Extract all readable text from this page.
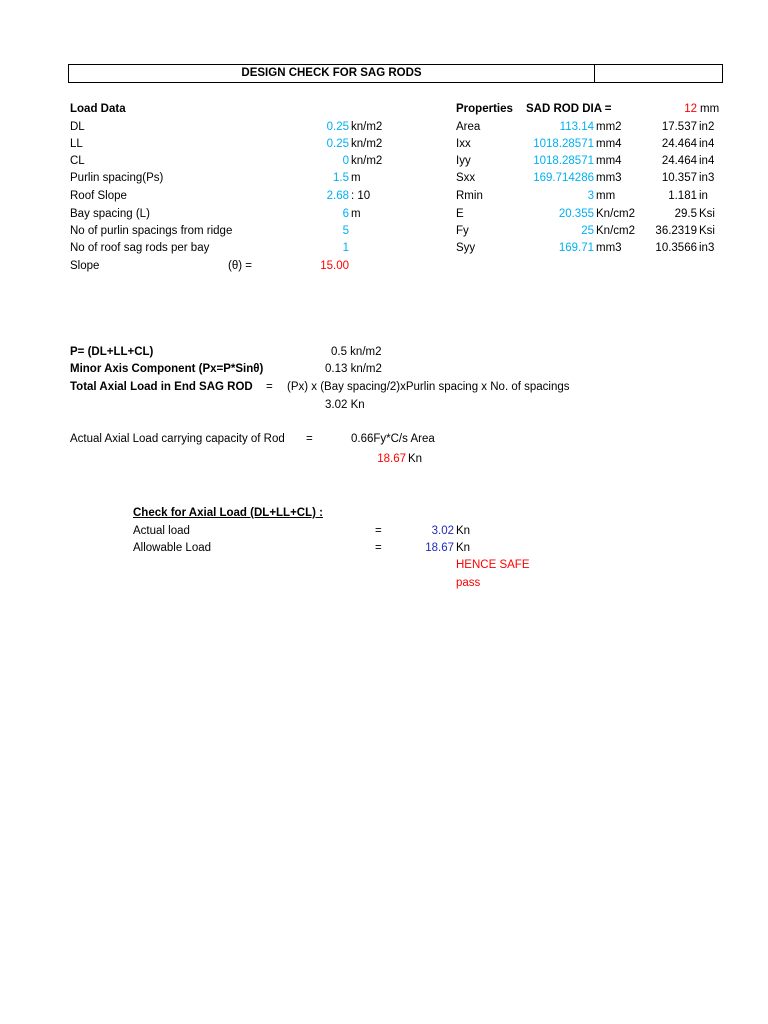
DESIGN CHECK FOR SAG RODS
Load Data
DL	0.25 kn/m2
LL	0.25 kn/m2
CL	0 kn/m2
Purlin spacing(Ps)	1.5 m
Roof Slope	2.68 : 10
Bay spacing (L)	6 m
No of purlin spacings from ridge	5
No of roof sag rods per bay	1
Slope	(θ) =	15.00
Properties SAD ROD DIA =	12 mm
Area	113.14 mm2	17.537 in2
Ixx	1018.28571 mm4	24.464 in4
Iyy	1018.28571 mm4	24.464 in4
Sxx	169.714286 mm3	10.357 in3
Rmin	3 mm	1.181 in
E	20.355 Kn/cm2	29.5 Ksi
Fy	25 Kn/cm2	36.2319 Ksi
Syy	169.71 mm3	10.3566 in3
P= (DL+LL+CL)	0.5 kn/m2
Minor Axis Component (Px=P*Sinθ)	0.13 kn/m2
Total Axial Load in End SAG ROD = (Px) x (Bay spacing/2)xPurlin spacing x No. of spacings
3.02 Kn
Actual Axial Load carrying capacity of Rod =	0.66Fy*C/s Area
18.67 Kn
Check for Axial Load (DL+LL+CL) :
Actual load	=	3.02 Kn
Allowable Load	=	18.67 Kn
HENCE SAFE
pass
